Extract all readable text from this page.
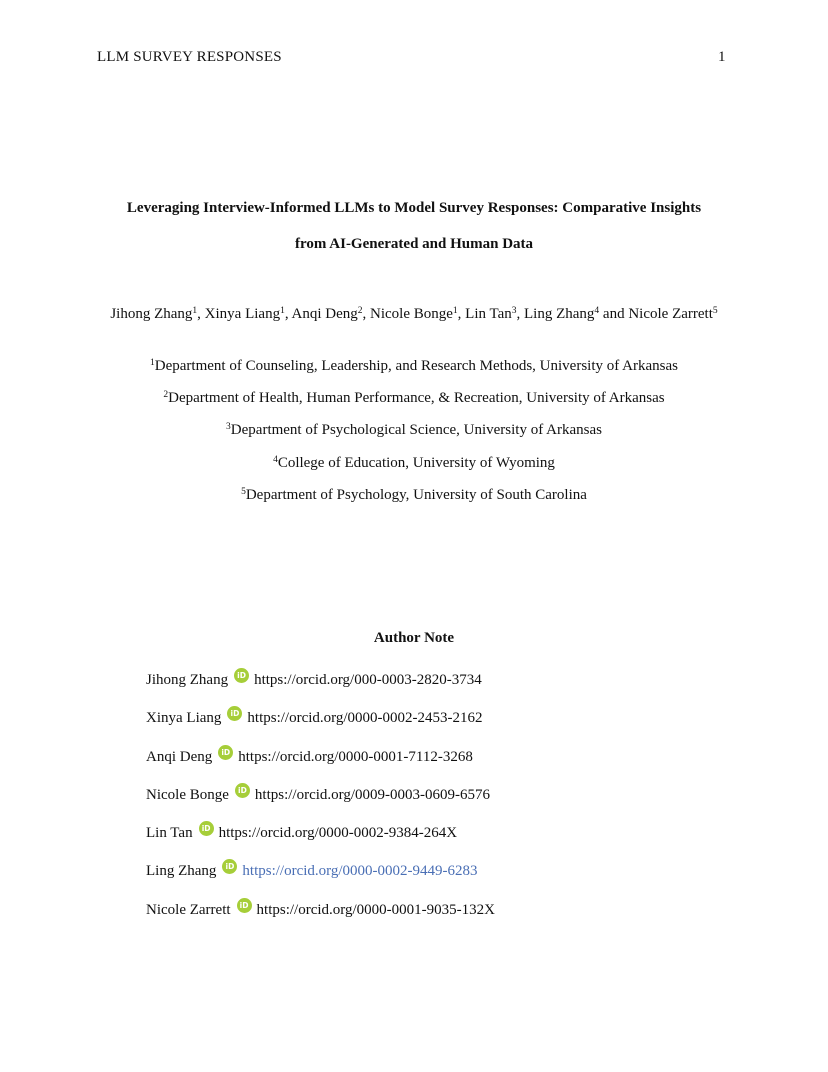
LLM SURVEY RESPONSES	1
Leveraging Interview-Informed LLMs to Model Survey Responses: Comparative Insights
from AI-Generated and Human Data
Jihong Zhang$^1$, Xinya Liang$^1$, Anqi Deng$^2$, Nicole Bonge$^1$, Lin Tan$^3$, Ling Zhang$^4$ and Nicole Zarrett$^5$
$^1$Department of Counseling, Leadership, and Research Methods, University of Arkansas
$^2$Department of Health, Human Performance, & Recreation, University of Arkansas
$^3$Department of Psychological Science, University of Arkansas
$^4$College of Education, University of Wyoming
$^5$Department of Psychology, University of South Carolina
Author Note
Jihong Zhang iD https://orcid.org/000-0003-2820-3734
Xinya Liang iD https://orcid.org/0000-0002-2453-2162
Anqi Deng iD https://orcid.org/0000-0001-7112-3268
Nicole Bonge iD https://orcid.org/0009-0003-0609-6576
Lin Tan iD https://orcid.org/0000-0002-9384-264X
Ling Zhang iD https://orcid.org/0000-0002-9449-6283
Nicole Zarrett iD https://orcid.org/0000-0001-9035-132X
